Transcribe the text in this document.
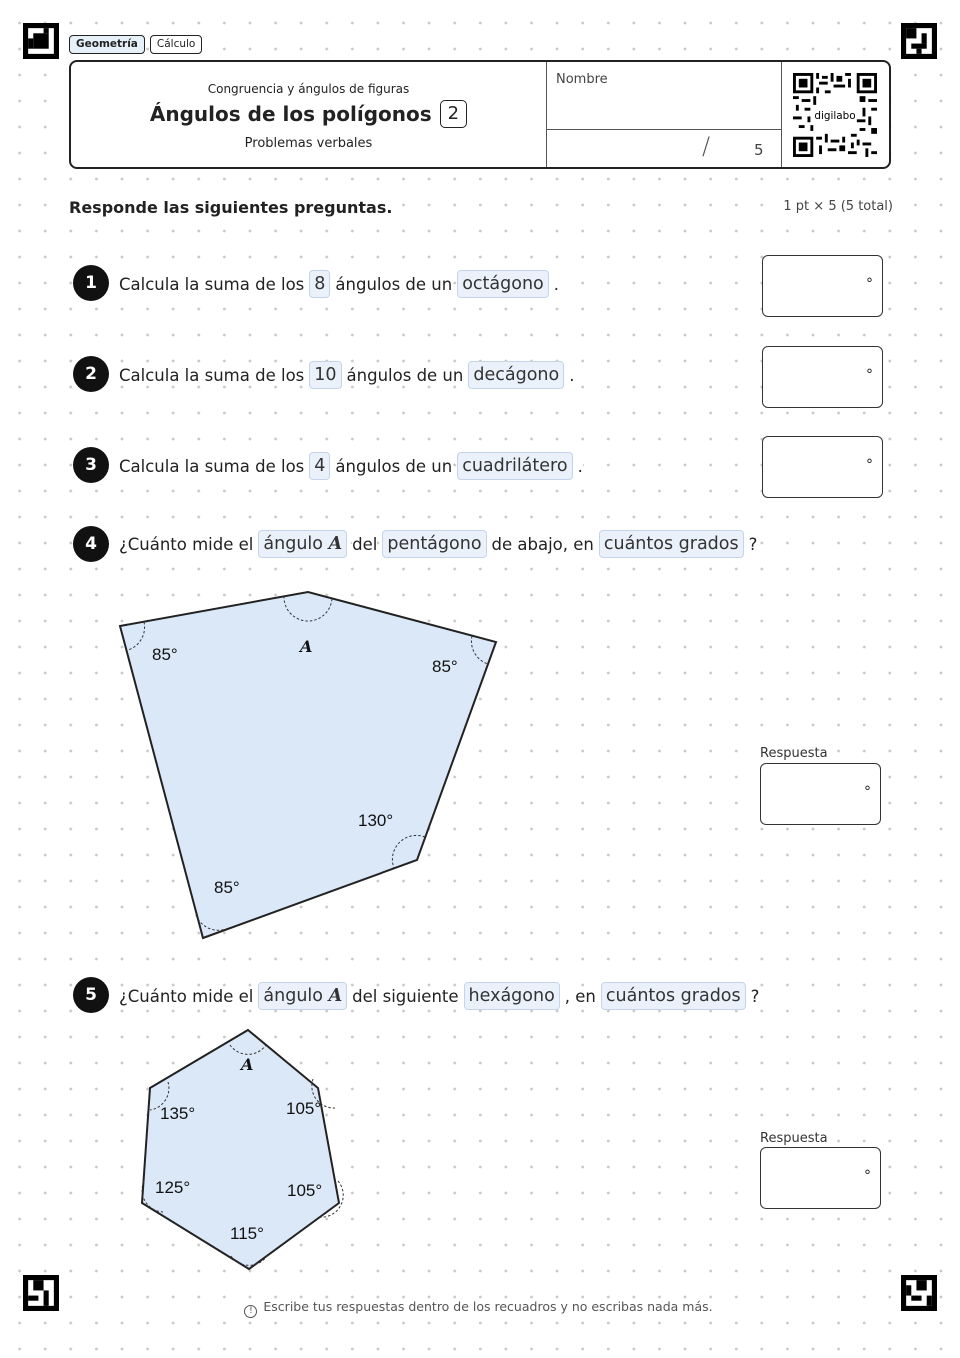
Geometría	Cálculo
Congruencia y ángulos de figuras
Ángulos de los polígonos 2
Problemas verbales
Nombre
/	5
digilabo
Responde las siguientes preguntas.	1 pt × 5 (5 total)
1	Calcula la suma de los 8 ángulos de un octágono .	°
2	Calcula la suma de los 10 ángulos de un decágono .	°
3	Calcula la suma de los 4 ángulos de un cuadrilátero .	°
4	¿Cuánto mide el ángulo A del pentágono de abajo, en cuántos grados ?
85°	A
85°
130°
85°
Respuesta
°
5	¿Cuánto mide el ángulo A del siguiente hexágono , en cuántos grados ?
A
135°	105°
125°	105°
115°
Respuesta
°
! Escribe tus respuestas dentro de los recuadros y no escribas nada más.
